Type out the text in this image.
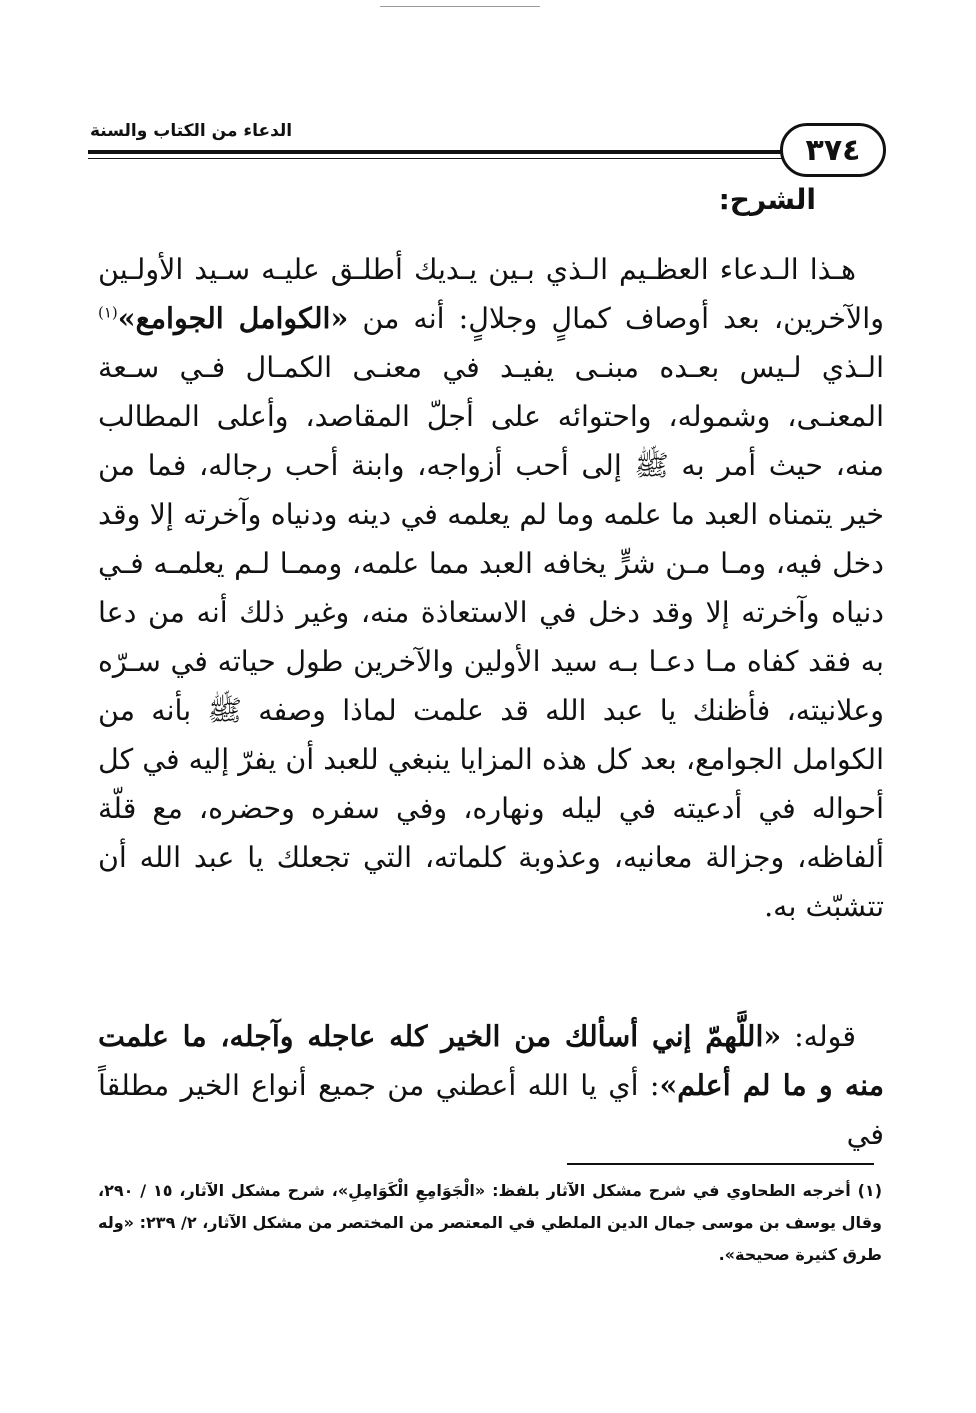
الدعاء من الكتاب والسنة
٣٧٤
الشرح:

هـذا الـدعاء العظـيم الـذي بـين يـديك أطلـق عليـه سـيد الأولـين والآخرين، بعد أوصاف كمالٍ وجلالٍ: أنه من «الكوامل الجوامع»$^{(١)}$ الـذي لـيس بعـده مبنـى يفيـد في معنـى الكمـال فـي سـعة المعنـى، وشموله، واحتوائه على أجلّ المقاصد، وأعلى المطالب منه، حيث أمر به ﷺ إلى أحب أزواجه، وابنة أحب رجاله، فما من خير يتمناه العبد ما علمه وما لم يعلمه في دينه ودنياه وآخرته إلا وقد دخل فيه، ومـا مـن شرٍّ يخافه العبد مما علمه، وممـا لـم يعلمـه فـي دنياه وآخرته إلا وقد دخل في الاستعاذة منه، وغير ذلك أنه من دعا به فقد كفاه مـا دعـا بـه سيد الأولين والآخرين طول حياته في سـرّه وعلانيته، فأظنك يا عبد الله قد علمت لماذا وصفه ﷺ بأنه من الكوامل الجوامع، بعد كل هذه المزايا ينبغي للعبد أن يفرّ إليه في كل أحواله في أدعيته في ليله ونهاره، وفي سفره وحضره، مع قلّة ألفاظه، وجزالة معانيه، وعذوبة كلماته، التي تجعلك يا عبد الله أن تتشبّث به.

قوله: «اللَّهمّ إني أسألك من الخير كله عاجله وآجله، ما علمت منه و ما لم أعلم»: أي يا الله أعطني من جميع أنواع الخير مطلقاً في

(١) أخرجه الطحاوي في شرح مشكل الآثار بلفظ: «الْجَوَامِعِ الْكَوَامِلِ»، شرح مشكل الآثار، ١٥ / ٢٩٠، وقال يوسف بن موسى جمال الدين الملطي في المعتصر من المختصر من مشكل الآثار، ٢/ ٢٣٩: «وله طرق كثيرة صحيحة».
